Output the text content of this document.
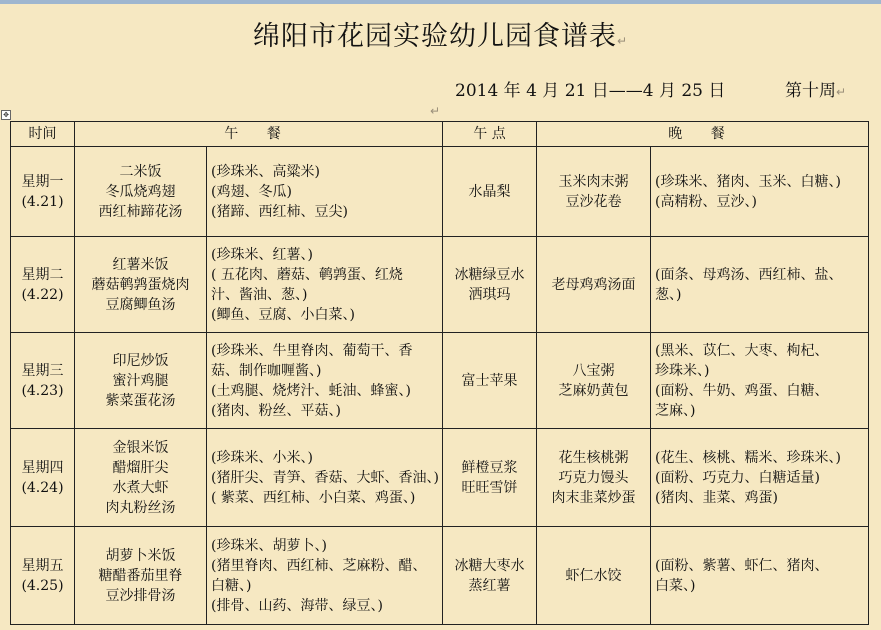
绵阳市花园实验幼儿园食谱表↵
2014 年 4 月 21 日——4 月 25 日	第十周↵
✥	↵
时间	午 餐		午 点	晚 餐	

星期一
(4.21)	二米饭
冬瓜烧鸡翅
西红柿蹄花汤	(珍珠米、高粱米)
(鸡翅、冬瓜)
(猪蹄、西红柿、豆尖)	水晶梨	玉米肉末粥
豆沙花卷	(珍珠米、猪肉、玉米、白糖、)
(高精粉、豆沙、)

星期二
(4.22)	红薯米饭
蘑菇鹌鹑蛋烧肉
豆腐鲫鱼汤	(珍珠米、红薯、)
( 五花肉、蘑菇、鹌鹑蛋、红烧
汁、酱油、葱、)
(鲫鱼、豆腐、小白菜、)	冰糖绿豆水
洒琪玛	老母鸡鸡汤面	(面条、母鸡汤、西红柿、盐、
葱、)

星期三
(4.23)	印尼炒饭
蜜汁鸡腿
紫菜蛋花汤	(珍珠米、牛里脊肉、葡萄干、香
菇、制作咖喱酱、)
(土鸡腿、烧烤汁、蚝油、蜂蜜、)
(猪肉、粉丝、平菇、)	富士苹果	八宝粥
芝麻奶黄包	(黑米、苡仁、大枣、枸杞、
珍珠米、)
(面粉、牛奶、鸡蛋、白糖、
芝麻、)

星期四
(4.24)	金银米饭
醋熘肝尖
水煮大虾
肉丸粉丝汤	(珍珠米、小米、)
(猪肝尖、青笋、香菇、大虾、香油、)
( 紫菜、西红柿、小白菜、鸡蛋、)	鲜橙豆浆
旺旺雪饼	花生核桃粥
巧克力馒头
肉末韭菜炒蛋	(花生、核桃、糯米、珍珠米、)
(面粉、巧克力、白糖适量)
(猪肉、韭菜、鸡蛋)

星期五
(4.25)	胡萝卜米饭
糖醋番茄里脊
豆沙排骨汤	(珍珠米、胡萝卜、)
(猪里脊肉、西红柿、芝麻粉、醋、
白糖、)
(排骨、山药、海带、绿豆、)	冰糖大枣水
蒸红薯	虾仁水饺	(面粉、紫薯、虾仁、猪肉、
白菜、)
